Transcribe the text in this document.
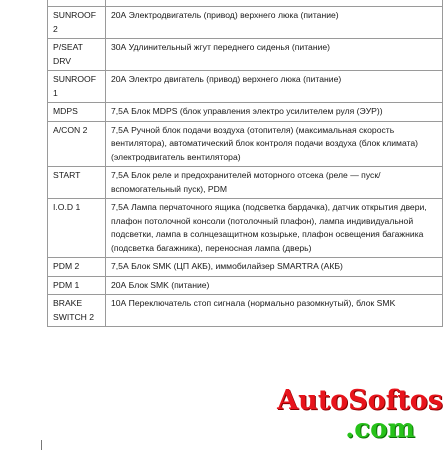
SUNROOF 2	20А Электродвигатель (привод) верхнего люка (питание)
P/SEAT DRV	30А Удлинительный жгут переднего сиденья (питание)
SUNROOF 1	20А Электро двигатель (привод) верхнего люка (питание)
MDPS	7,5А Блок MDPS (блок управления электро усилителем руля (ЭУР))
A/CON 2	7,5А Ручной блок подачи воздуха (отопителя) (максимальная скорость вентилятора), автоматический блок контроля подачи воздуха (блок климата) (электродвигатель вентилятора)
START	7,5А Блок реле и предохранителей моторного отсека (реле — пуск/ вспомогательный пуск), PDM
I.O.D 1	7,5А Лампа перчаточного ящика (подсветка бардачка), датчик открытия двери, плафон потолочной консоли (потолочный плафон), лампа индивидуальной подсветки, лампа в солнцезащитном козырьке, плафон освещения багажника (подсветка багажника), переносная лампа (дверь)
PDM 2	7,5А Блок SMK (ЦП АКБ), иммобилайзер SMARTRA (АКБ)
PDM 1	20А Блок SMK (питание)
BRAKE SWITCH 2	10А Переключатель стоп сигнала (нормально разомкнутый), блок SMK
AutoSoftos
.com
